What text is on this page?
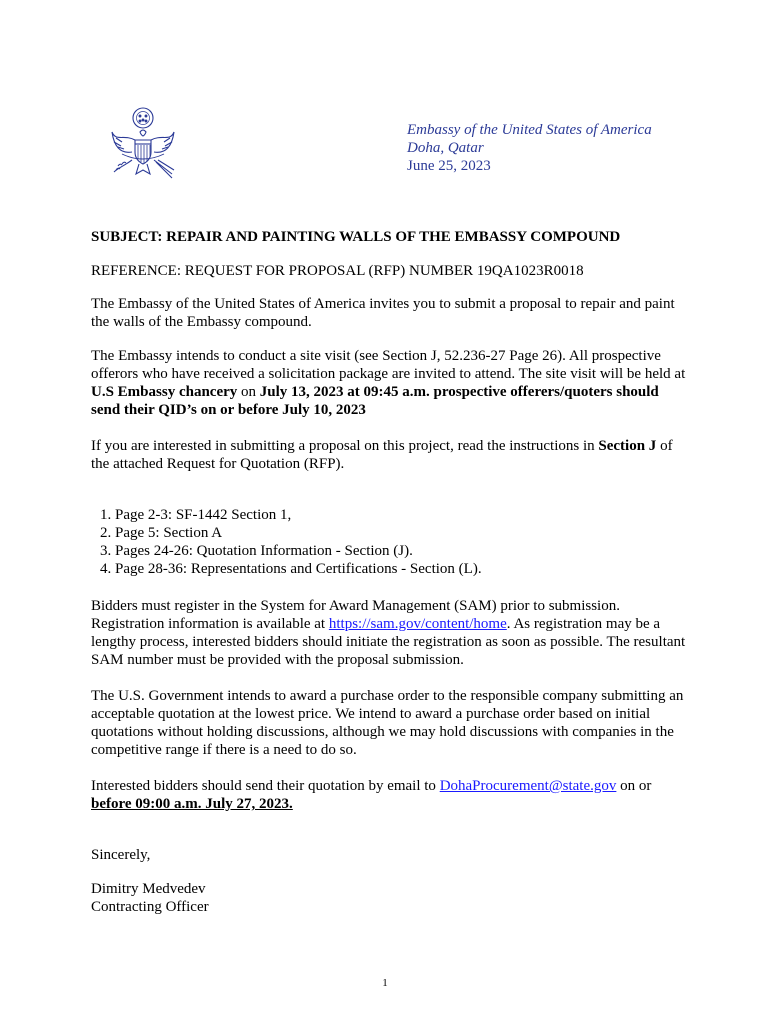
Embassy of the United States of America
Doha, Qatar
June 25, 2023

SUBJECT: REPAIR AND PAINTING WALLS OF THE EMBASSY COMPOUND

REFERENCE: REQUEST FOR PROPOSAL (RFP) NUMBER 19QA1023R0018

The Embassy of the United States of America invites you to submit a proposal to repair and paint the walls of the Embassy compound.

The Embassy intends to conduct a site visit (see Section J, 52.236-27 Page 26). All prospective offerors who have received a solicitation package are invited to attend. The site visit will be held at U.S Embassy chancery on July 13, 2023 at 09:45 a.m. prospective offerers/quoters should send their QID’s on or before July 10, 2023

If you are interested in submitting a proposal on this project, read the instructions in Section J of the attached Request for Quotation (RFP).

1. Page 2-3: SF-1442 Section 1,
2. Page 5: Section A
3. Pages 24-26: Quotation Information - Section (J).
4. Page 28-36: Representations and Certifications - Section (L).

Bidders must register in the System for Award Management (SAM) prior to submission. Registration information is available at https://sam.gov/content/home. As registration may be a lengthy process, interested bidders should initiate the registration as soon as possible. The resultant SAM number must be provided with the proposal submission.

The U.S. Government intends to award a purchase order to the responsible company submitting an acceptable quotation at the lowest price. We intend to award a purchase order based on initial quotations without holding discussions, although we may hold discussions with companies in the competitive range if there is a need to do so.

Interested bidders should send their quotation by email to DohaProcurement@state.gov on or before 09:00 a.m. July 27, 2023.

Sincerely,

Dimitry Medvedev

Contracting Officer

1
